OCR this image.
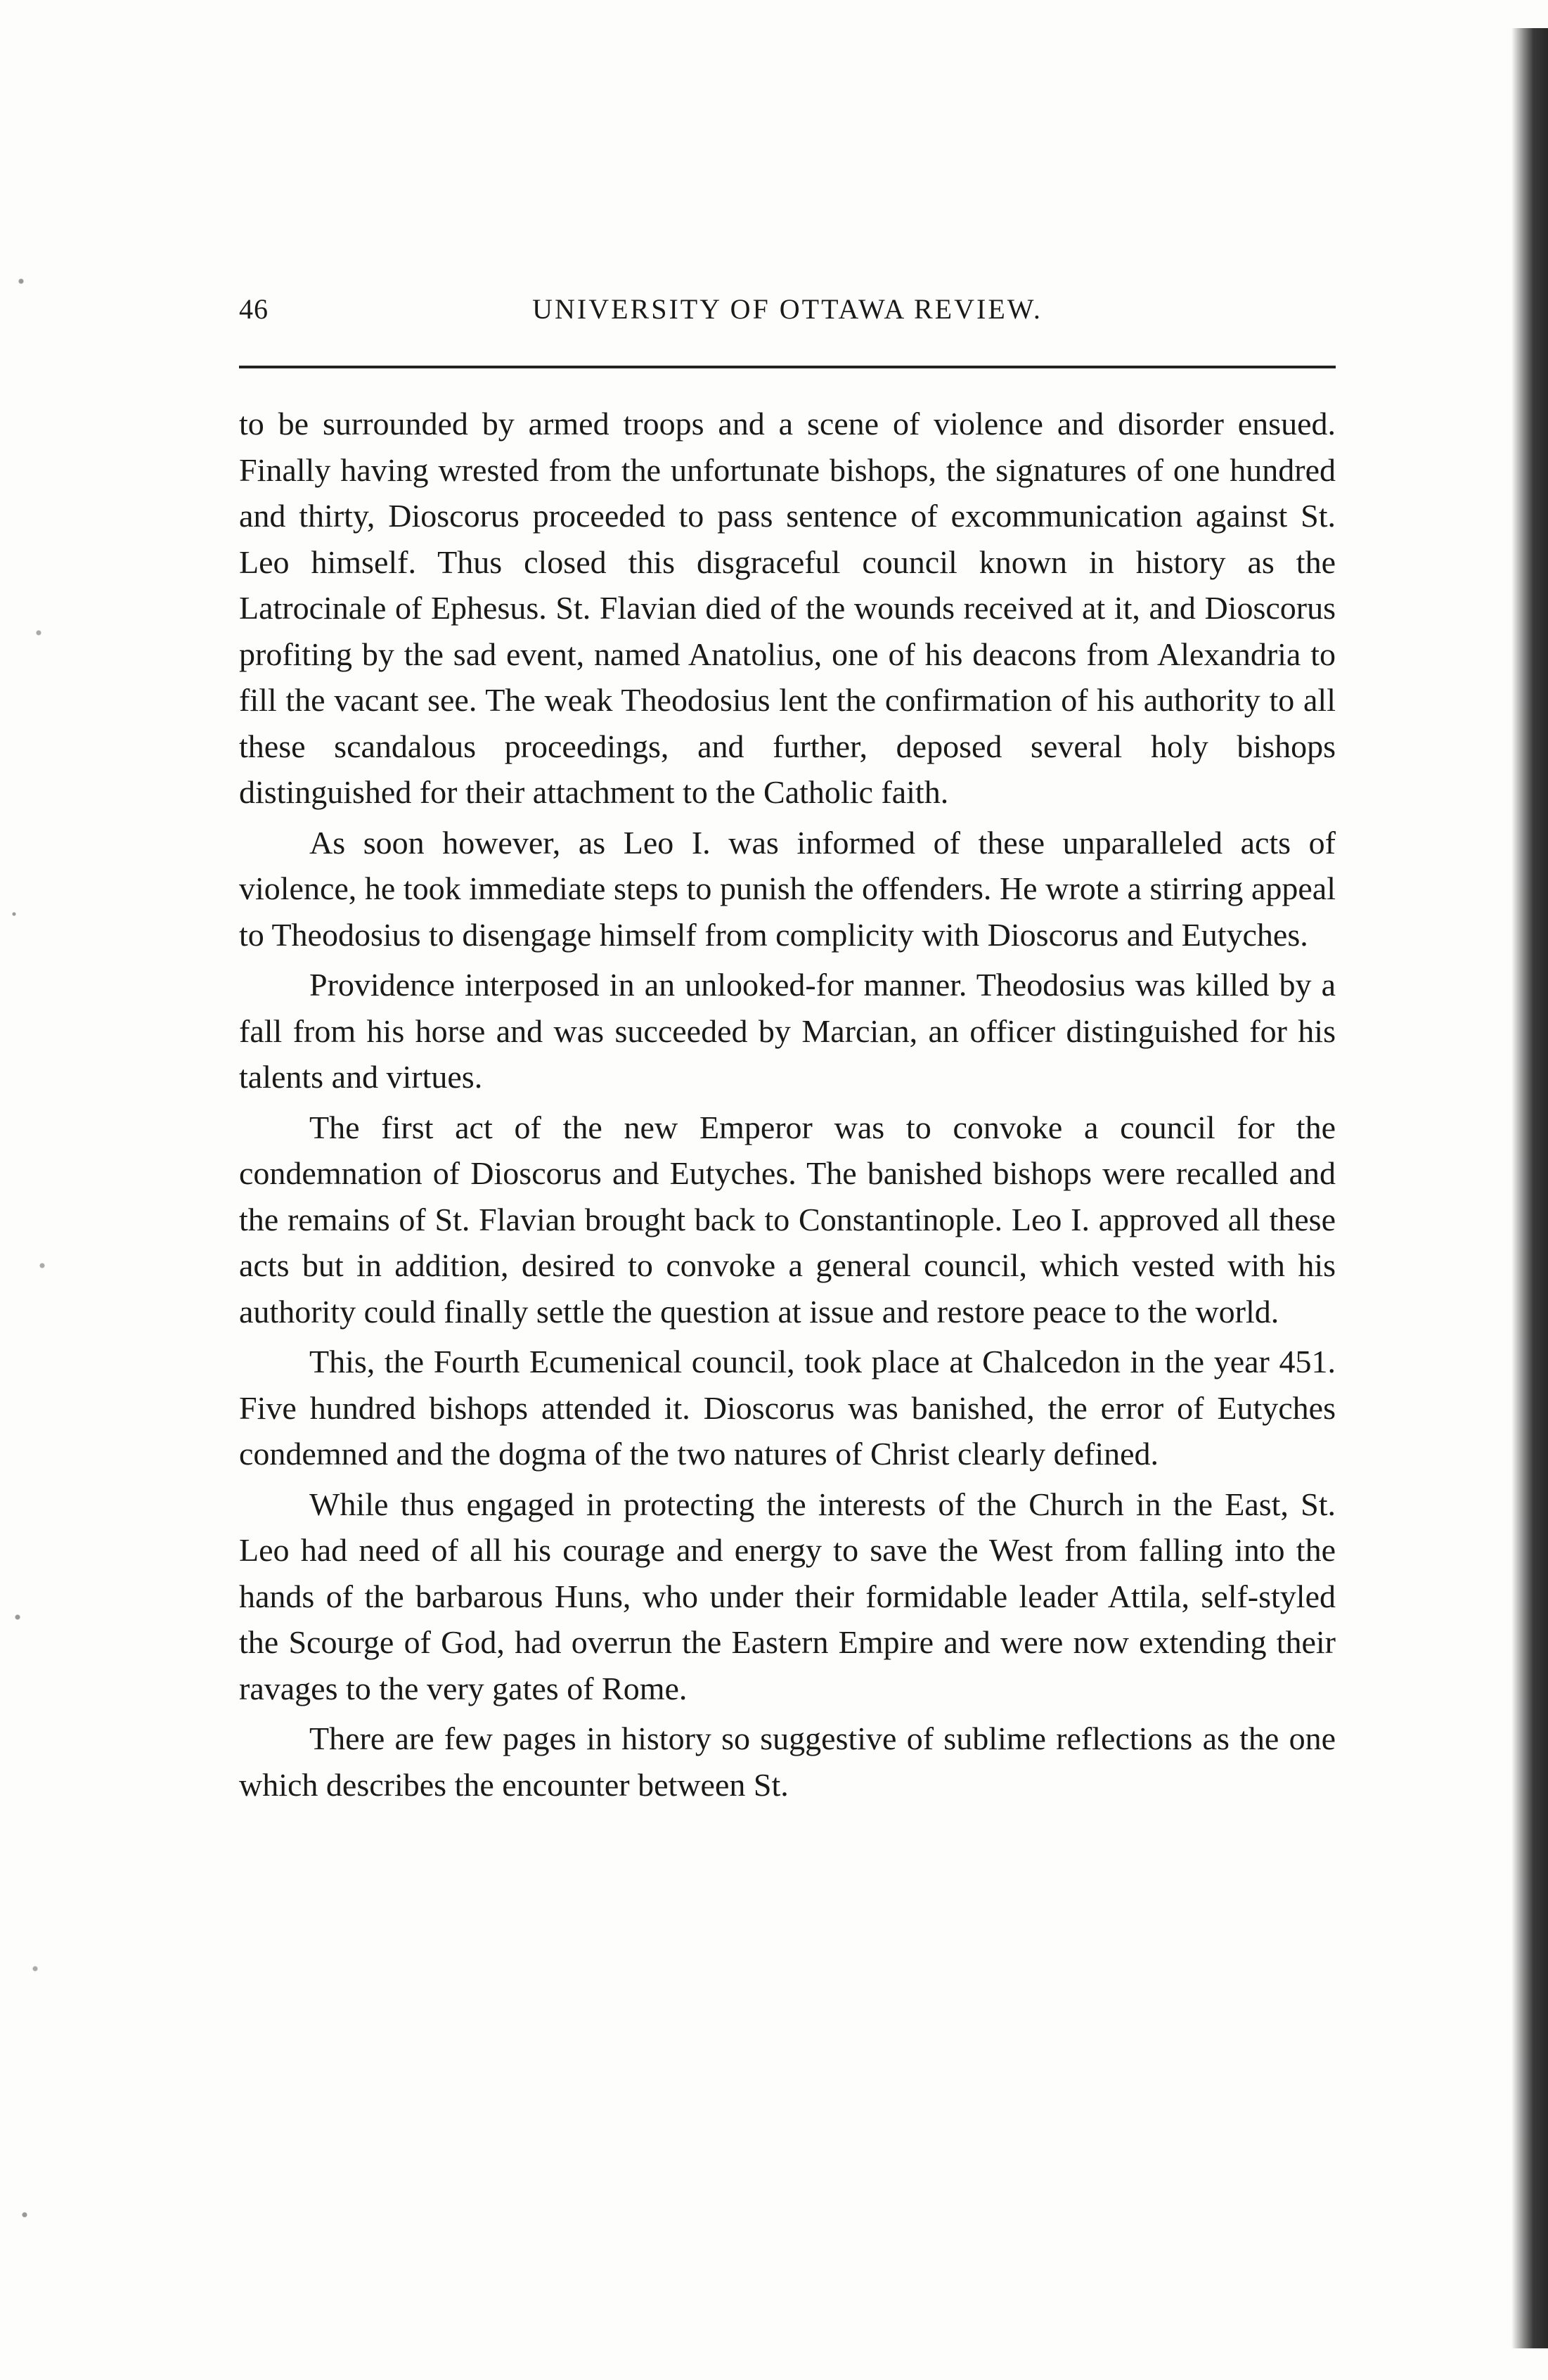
46	UNIVERSITY OF OTTAWA REVIEW.

to be surrounded by armed troops and a scene of violence and disorder ensued. Finally having wrested from the unfortunate bishops, the signatures of one hundred and thirty, Dioscorus proceeded to pass sentence of excommunication against St. Leo himself. Thus closed this disgraceful council known in history as the Latrocinale of Ephesus. St. Flavian died of the wounds received at it, and Dioscorus profiting by the sad event, named Anatolius, one of his deacons from Alexandria to fill the vacant see. The weak Theodosius lent the confirmation of his authority to all these scandalous proceedings, and further, deposed several holy bishops distinguished for their attachment to the Catholic faith.

As soon however, as Leo I. was informed of these unparalleled acts of violence, he took immediate steps to punish the offenders. He wrote a stirring appeal to Theodosius to disengage himself from complicity with Dioscorus and Eutyches.

Providence interposed in an unlooked-for manner. Theodosius was killed by a fall from his horse and was succeeded by Marcian, an officer distinguished for his talents and virtues.

The first act of the new Emperor was to convoke a council for the condemnation of Dioscorus and Eutyches. The banished bishops were recalled and the remains of St. Flavian brought back to Constantinople. Leo I. approved all these acts but in addition, desired to convoke a general council, which vested with his authority could finally settle the question at issue and restore peace to the world.

This, the Fourth Ecumenical council, took place at Chalcedon in the year 451. Five hundred bishops attended it. Dioscorus was banished, the error of Eutyches condemned and the dogma of the two natures of Christ clearly defined.

While thus engaged in protecting the interests of the Church in the East, St. Leo had need of all his courage and energy to save the West from falling into the hands of the barbarous Huns, who under their formidable leader Attila, self-styled the Scourge of God, had overrun the Eastern Empire and were now extending their ravages to the very gates of Rome.

There are few pages in history so suggestive of sublime reflections as the one which describes the encounter between St.
